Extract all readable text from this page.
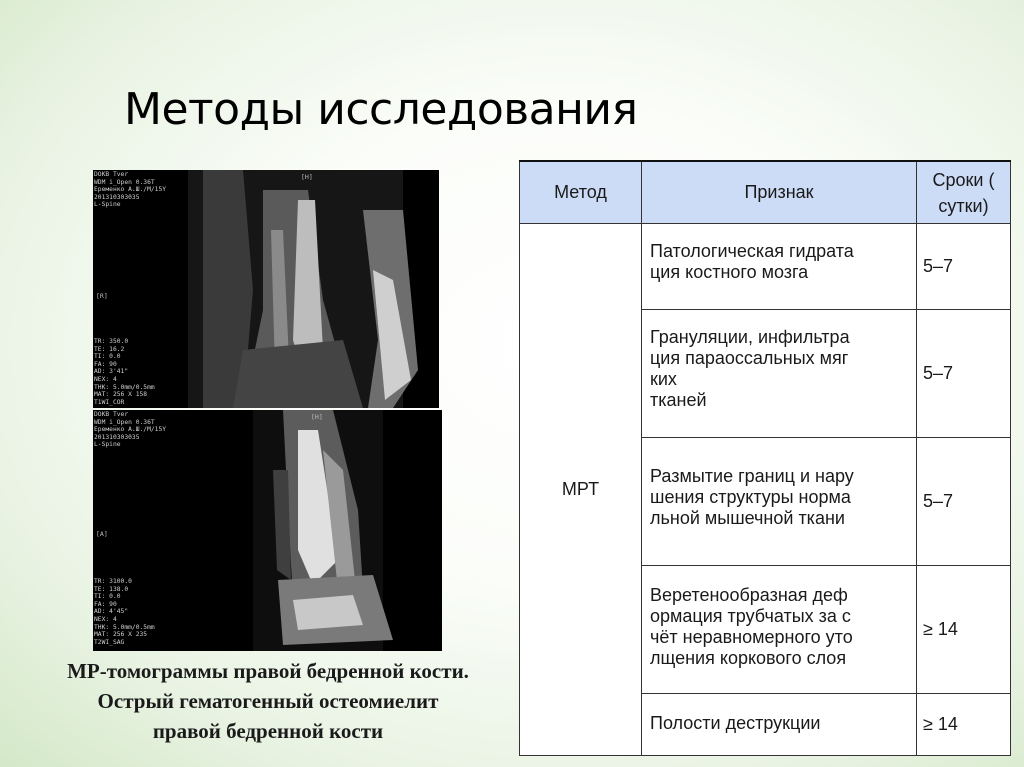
Методы исследования
DOKB Tver
WDM i_Open 0.36T
Еременко А.Ш./М/15Y
201310303035
L-Spine
TR: 350.0
TE: 16.2
TI: 0.0
FA: 90
AD: 3'41"
NEX: 4
THK: 5.0mm/0.5mm
MAT: 256 X 158
T1WI_COR
[H]
[R]
DOKB Tver
WDM i_Open 0.36T
Еременко А.Ш./М/15Y
201310303035
L-Spine
TR: 3100.0
TE: 138.0
TI: 0.0
FA: 90
AD: 4'45"
NEX: 4
THK: 5.0mm/0.5mm
MAT: 256 X 235
T2WI_SAG
[H]
[A]
МР-томограммы правой бедренной кости.
Острый гематогенный остеомиелит
правой бедренной кости
Метод	Признак	Сроки ( сутки)
МРТ	Патологическая гидрата
ция костного мозга	5–7
	Грануляции, инфильтра
ция параоссальных мяг
ких
тканей	5–7
	Размытие границ и нару
шения структуры норма
льной мышечной ткани	5–7
	Веретенообразная деф
ормация трубчатых за с
чёт неравномерного уто
лщения коркового слоя	≥ 14
	Полости деструкции	≥ 14
